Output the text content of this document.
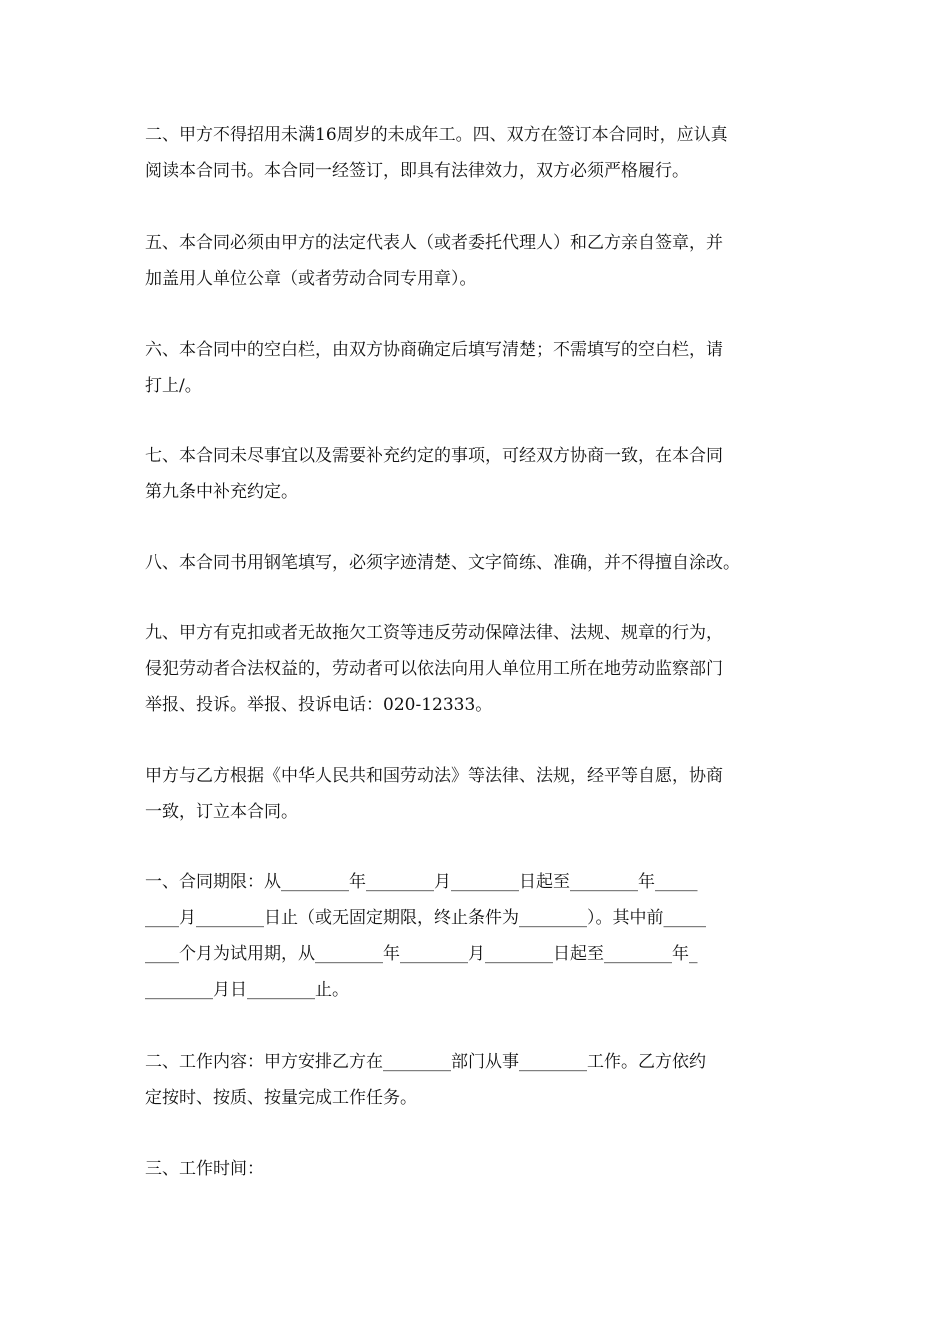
二、甲方不得招用未满16周岁的未成年工。四、双方在签订本合同时，应认真
阅读本合同书。本合同一经签订，即具有法律效力，双方必须严格履行。

五、本合同必须由甲方的法定代表人（或者委托代理人）和乙方亲自签章，并
加盖用人单位公章（或者劳动合同专用章）。

六、本合同中的空白栏，由双方协商确定后填写清楚；不需填写的空白栏，请
打上/。

七、本合同未尽事宜以及需要补充约定的事项，可经双方协商一致，在本合同
第九条中补充约定。

八、本合同书用钢笔填写，必须字迹清楚、文字简练、准确，并不得擅自涂改。

九、甲方有克扣或者无故拖欠工资等违反劳动保障法律、法规、规章的行为，
侵犯劳动者合法权益的，劳动者可以依法向用人单位用工所在地劳动监察部门
举报、投诉。举报、投诉电话：020-12333。

甲方与乙方根据《中华人民共和国劳动法》等法律、法规，经平等自愿，协商
一致，订立本合同。

一、合同期限：从________年________月________日起至________年_____
____月________日止（或无固定期限，终止条件为________）。其中前_____
____个月为试用期，从________年________月________日起至________年_
________月日________止。

二、工作内容：甲方安排乙方在________部门从事________工作。乙方依约
定按时、按质、按量完成工作任务。

三、工作时间：
